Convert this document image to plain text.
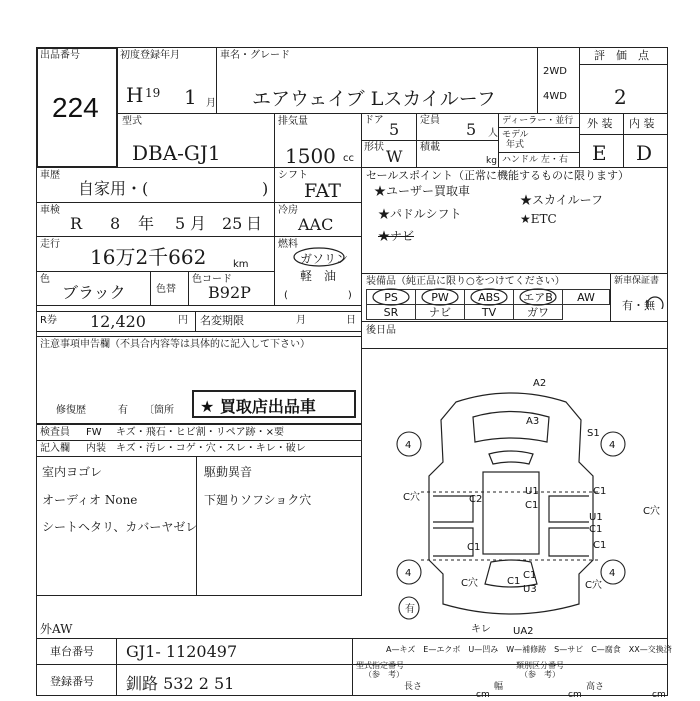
出品番号
224
初度登録年月
H 19 1 月
車名・グレード
エアウェイブ Lスカイルーフ
2WD
4WD
評　価　点
2
型式
DBA-GJ1
排気量
1500 cc
ドア 5 定員 5 人
ディーラー・並行
モデル
年式
ハンドル 左・右
外 装
E
内 装
D
形状 W 積載
kg
車歴
自家用・(	)
シフト
FAT
車検
R 8 年 5 月 25 日
冷房
AAC
走行
16万2千662	km
燃料
ガソリン
軽　油
(　　　　　　)
色
ブラック	色替
色コード
B92P
R券 12,420	円 名変期限	月	日
注意事項申告欄（不具合内容等は具体的に記入して下さい）
修復歴	有 〔箇所 ★ 買取店出品車
検査員 FW キズ・飛石・ヒビ割・リペア跡・×要
記入欄 内装 キズ・汚レ・コゲ・穴・スレ・キレ・破レ
室内ヨゴレ
オーディオ None
シートヘタリ、カバーヤゼレ
駆動異音
下廻りソフショク穴
外AW
セールスポイント（正常に機能するものに限ります）
★ユーザー買取車
★スカイルーフ
★パドルシフト	★ETC
★ナビ
装備品（純正品に限り○をつけてください）	新車保証書
PS	PW	ABS	エアB	AW
SR	ナビ	TV	ガワ
有・無
後日品
A2
A3
S1
4	4
4	4
C穴	C2
U1
C1
C1
C1	C1
U1
C1
C穴
C穴	C穴
C1
U3
C1
UA2
有
キレ
A—キズ　E—エクボ　U—凹み　W—補修跡　S—サビ　C—腐食　XX—交換済
車台番号 GJ1- 1120497
型式指定番号
（参　考）
類別区分番号
（参　考）
登録番号 釧路 532 2 51	長さ
cm
幅
cm
高さ
cm
